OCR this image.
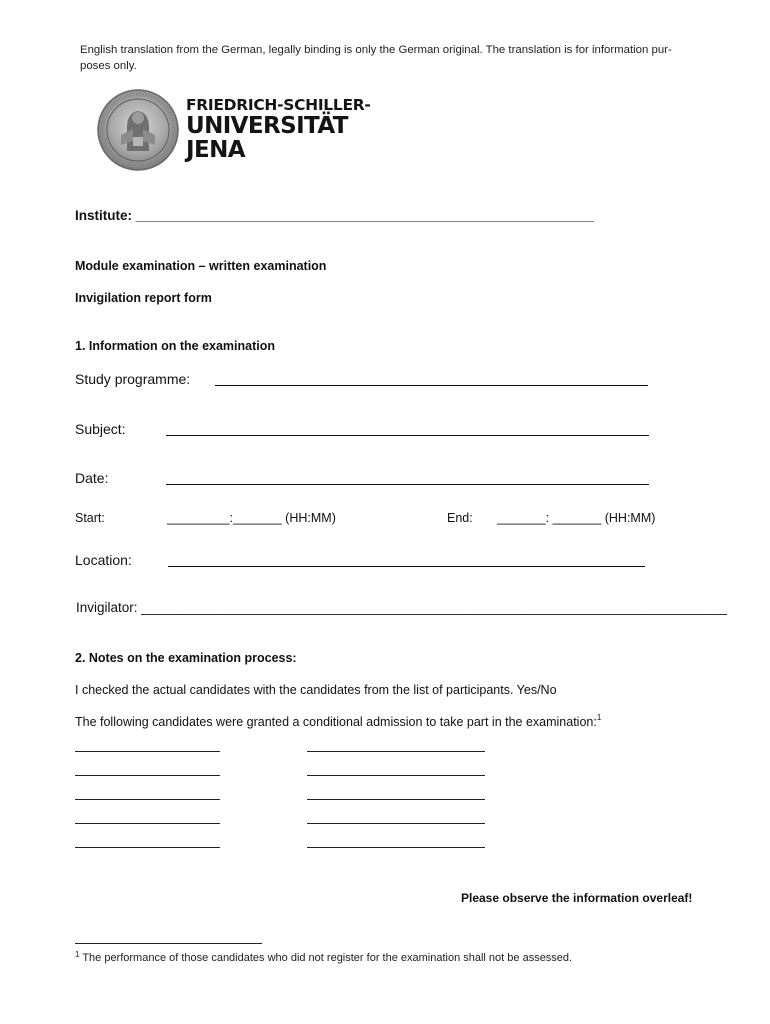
English translation from the German, legally binding is only the German original. The translation is for information pur-poses only.
FRIEDRICH-SCHILLER-
UNIVERSITÄT
JENA
Institute: _____________________________________________________________
Module examination – written examination
Invigilation report form
1. Information on the examination
Study programme:
Subject:
Date:
Start:	_________:_______ (HH:MM)	End: _______: _______ (HH:MM)
Location:
Invigilator: ______________________________________________________________________________
2. Notes on the examination process:
I checked the actual candidates with the candidates from the list of participants. Yes/No
The following candidates were granted a conditional admission to take part in the examination:$^1$
Please observe the information overleaf!
$^1$ The performance of those candidates who did not register for the examination shall not be assessed.
